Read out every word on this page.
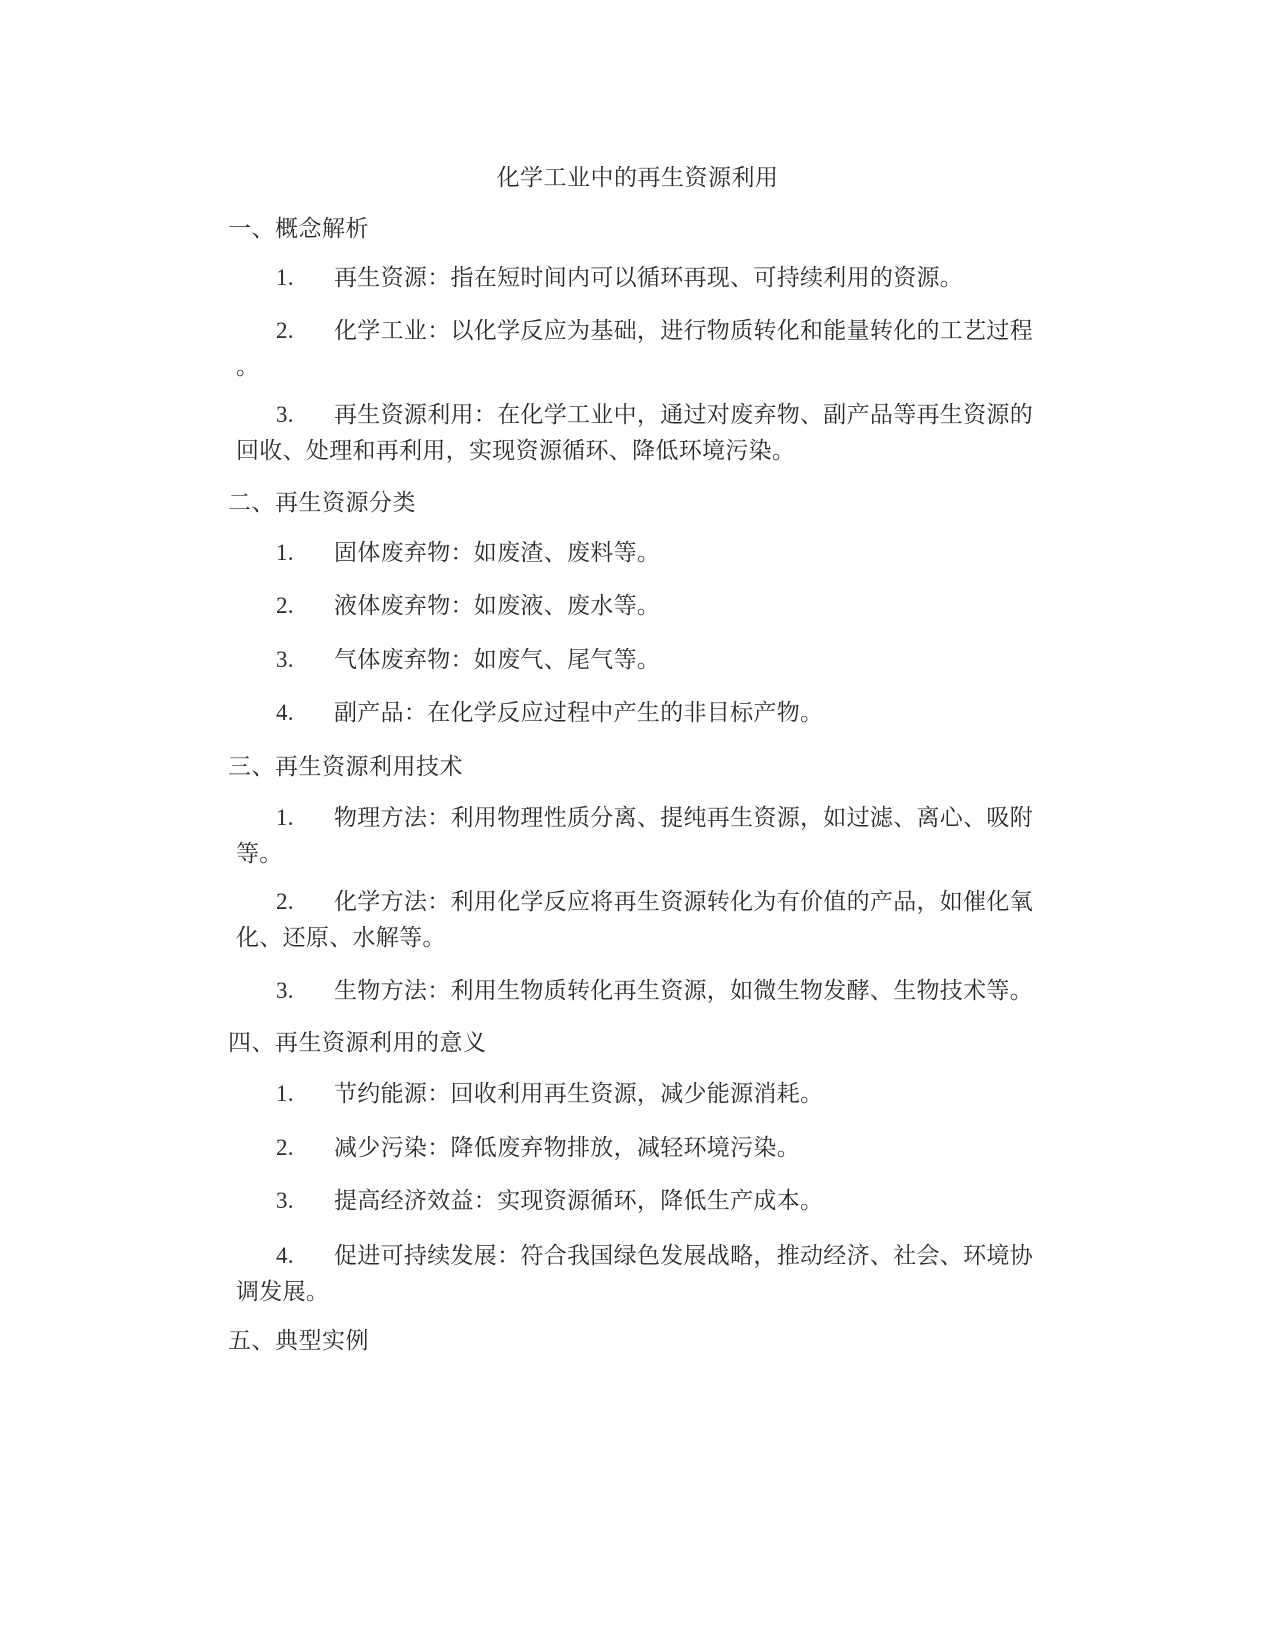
化学工业中的再生资源利用
一、概念解析
1. 再生资源：指在短时间内可以循环再现、可持续利用的资源。
2. 化学工业：以化学反应为基础，进行物质转化和能量转化的工艺过程
。
3. 再生资源利用：在化学工业中，通过对废弃物、副产品等再生资源的
回收、处理和再利用，实现资源循环、降低环境污染。
二、再生资源分类
1. 固体废弃物：如废渣、废料等。
2. 液体废弃物：如废液、废水等。
3. 气体废弃物：如废气、尾气等。
4. 副产品：在化学反应过程中产生的非目标产物。
三、再生资源利用技术
1. 物理方法：利用物理性质分离、提纯再生资源，如过滤、离心、吸附
等。
2. 化学方法：利用化学反应将再生资源转化为有价值的产品，如催化氧
化、还原、水解等。
3. 生物方法：利用生物质转化再生资源，如微生物发酵、生物技术等。
四、再生资源利用的意义
1. 节约能源：回收利用再生资源，减少能源消耗。
2. 减少污染：降低废弃物排放，减轻环境污染。
3. 提高经济效益：实现资源循环，降低生产成本。
4. 促进可持续发展：符合我国绿色发展战略，推动经济、社会、环境协
调发展。
五、典型实例
